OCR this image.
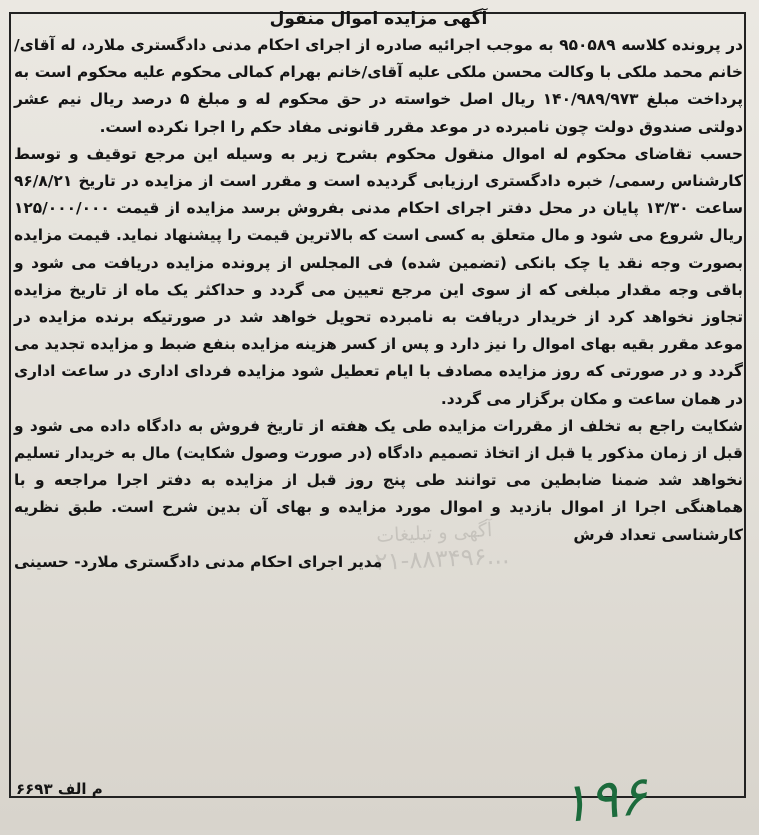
آگهی و تبلیغات
۰۲۱-۸۸۳۴۹۶...
آگهی مزایده اموال منقول

در پرونده کلاسه ۹۵۰۵۸۹ به موجب اجرائیه صادره از اجرای احکام مدنی دادگستری ملارد، له آقای/خانم محمد ملکی با وکالت محسن ملکی علیه آقای/خانم بهرام کمالی محکوم علیه محکوم است به پرداخت مبلغ ۱۴۰/۹۸۹/۹۷۳ ریال اصل خواسته در حق محکوم له و مبلغ ۵ درصد ریال نیم عشر دولتی صندوق دولت چون نامبرده در موعد مقرر قانونی مفاد حکم را اجرا نکرده است.

حسب تقاضای محکوم له اموال منقول محکوم بشرح زیر به وسیله این مرجع توقیف و توسط کارشناس رسمی/ خبره دادگستری ارزیابی گردیده است و مقرر است از مزایده در تاریخ ۹۶/۸/۲۱ ساعت ۱۳/۳۰ پایان در محل دفتر اجرای احکام مدنی بفروش برسد مزایده از قیمت ۱۲۵/۰۰۰/۰۰۰ ریال شروع می شود و مال متعلق به کسی است که بالاترین قیمت را پیشنهاد نماید. قیمت مزایده بصورت وجه نقد یا چک بانکی (تضمین شده) فی المجلس از پرونده مزایده دریافت می شود و باقی وجه مقدار مبلغی که از سوی این مرجع تعیین می گردد و حداکثر یک ماه از تاریخ مزایده تجاوز نخواهد کرد از خریدار دریافت به نامبرده تحویل خواهد شد در صورتیکه برنده مزایده در موعد مقرر بقیه بهای اموال را نیز دارد و پس از کسر هزینه مزایده بنفع ضبط و مزایده تجدید می گردد و در صورتی که روز مزایده مصادف با ایام تعطیل شود مزایده فردای اداری در ساعت اداری در همان ساعت و مکان برگزار می گردد.

شکایت راجع به تخلف از مقررات مزایده طی یک هفته از تاریخ فروش به دادگاه داده می شود و قبل از زمان مذکور یا قبل از اتخاذ تصمیم دادگاه (در صورت وصول شکایت) مال به خریدار تسلیم نخواهد شد ضمنا ضابطین می توانند طی پنج روز قبل از مزایده به دفتر اجرا مراجعه و با هماهنگی اجرا از اموال بازدید و اموال مورد مزایده و بهای آن بدین شرح است. طبق نظریه کارشناسی تعداد فرش

مدیر اجرای احکام مدنی دادگستری ملارد- حسینی
م الف ۶۶۹۳	۱۹۶
